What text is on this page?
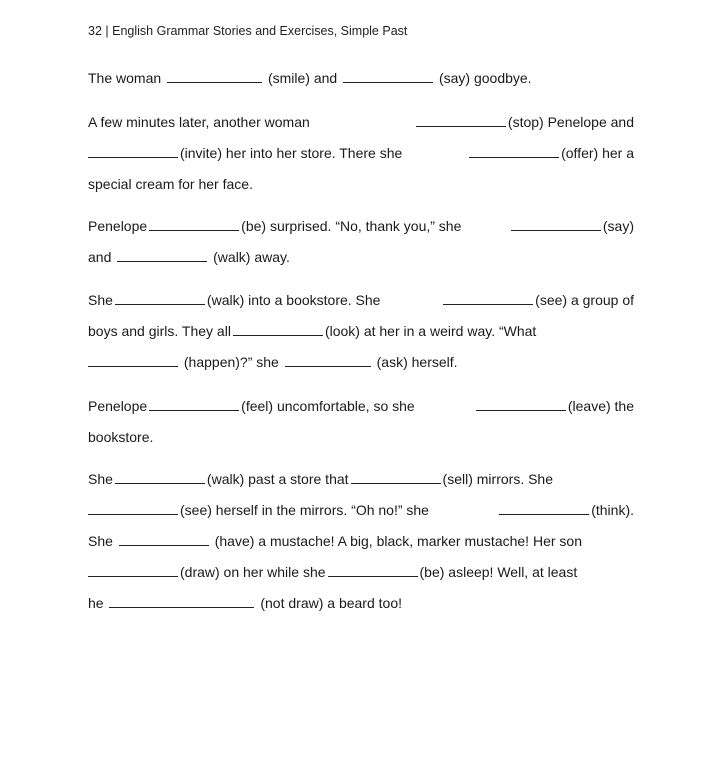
32 | English Grammar Stories and Exercises, Simple Past
The woman	(smile) and	(say) goodbye.
A few minutes later, another woman	(stop) Penelope and
(invite) her into her store. There she	(offer) her a
special cream for her face.
Penelope	(be) surprised. “No, thank you,” she	(say)
and	(walk) away.
She	(walk) into a bookstore. She	(see) a group of
boys and girls. They all	(look) at her in a weird way. “What
(happen)?” she	(ask) herself.
Penelope	(feel) uncomfortable, so she	(leave) the
bookstore.
She	(walk) past a store that	(sell) mirrors. She
(see) herself in the mirrors. “Oh no!” she	(think).
She	(have) a mustache! A big, black, marker mustache! Her son
(draw) on her while she	(be) asleep! Well, at least
he	(not draw) a beard too!
